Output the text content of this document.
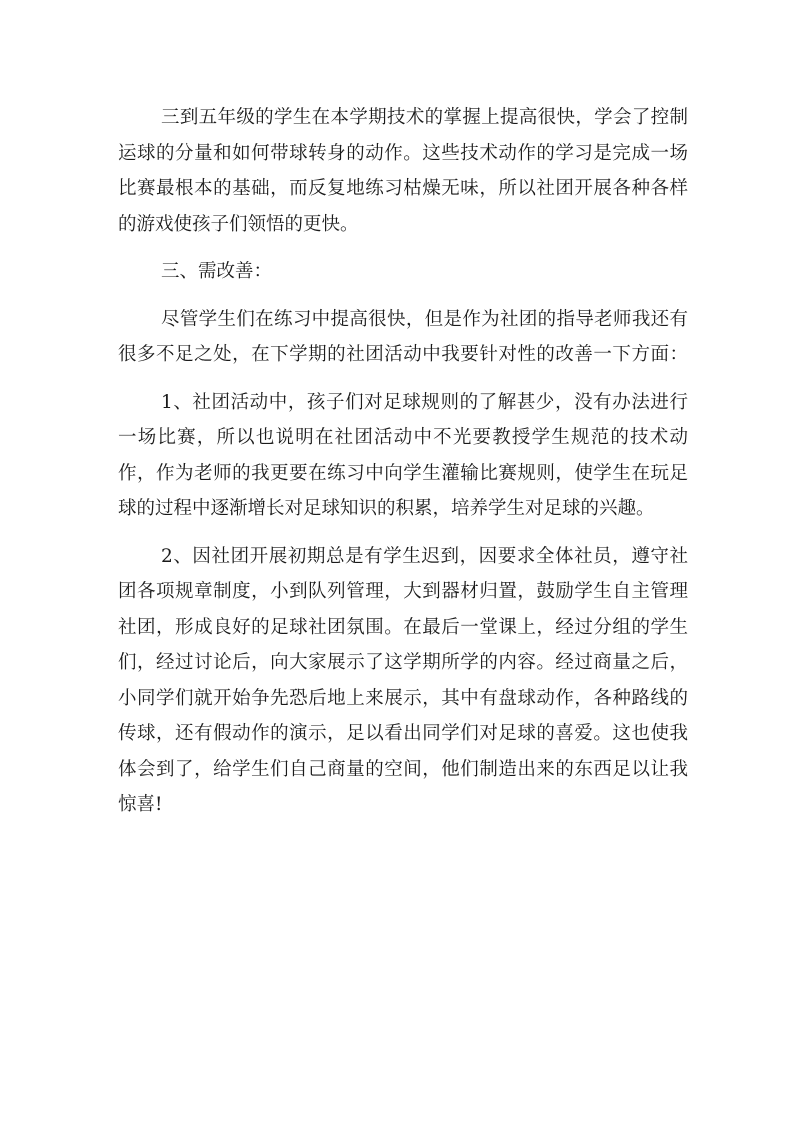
三到五年级的学生在本学期技术的掌握上提高很快，学会了控制
运球的分量和如何带球转身的动作。这些技术动作的学习是完成一场
比赛最根本的基础，而反复地练习枯燥无味，所以社团开展各种各样
的游戏使孩子们领悟的更快。
三、需改善：
尽管学生们在练习中提高很快，但是作为社团的指导老师我还有
很多不足之处，在下学期的社团活动中我要针对性的改善一下方面：
1、社团活动中，孩子们对足球规则的了解甚少，没有办法进行
一场比赛，所以也说明在社团活动中不光要教授学生规范的技术动
作，作为老师的我更要在练习中向学生灌输比赛规则，使学生在玩足
球的过程中逐渐增长对足球知识的积累，培养学生对足球的兴趣。
2、因社团开展初期总是有学生迟到，因要求全体社员，遵守社
团各项规章制度，小到队列管理，大到器材归置，鼓励学生自主管理
社团，形成良好的足球社团氛围。在最后一堂课上，经过分组的学生
们，经过讨论后，向大家展示了这学期所学的内容。经过商量之后，
小同学们就开始争先恐后地上来展示，其中有盘球动作，各种路线的
传球，还有假动作的演示，足以看出同学们对足球的喜爱。这也使我
体会到了，给学生们自己商量的空间，他们制造出来的东西足以让我
惊喜!
